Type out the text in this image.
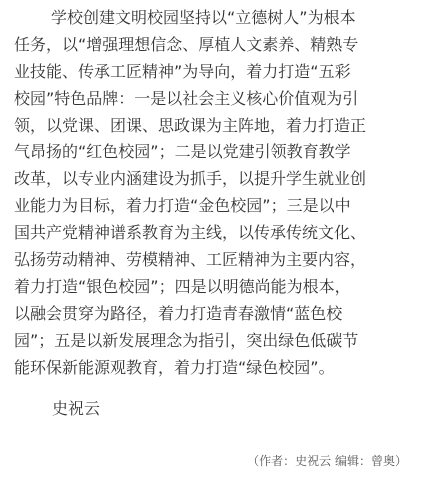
学校创建文明校园坚持以“立德树人”为根本
任务，以“增强理想信念、厚植人文素养、精熟专
业技能、传承工匠精神”为导向，着力打造“五彩
校园”特色品牌：一是以社会主义核心价值观为引
领，以党课、团课、思政课为主阵地，着力打造正
气昂扬的“红色校园”；二是以党建引领教育教学
改革，以专业内涵建设为抓手，以提升学生就业创
业能力为目标，着力打造“金色校园”；三是以中
国共产党精神谱系教育为主线，以传承传统文化、
弘扬劳动精神、劳模精神、工匠精神为主要内容，
着力打造“银色校园”；四是以明德尚能为根本，
以融会贯穿为路径，着力打造青春激情“蓝色校
园”；五是以新发展理念为指引，突出绿色低碳节
能环保新能源观教育，着力打造“绿色校园”。
史祝云
（作者：史祝云 编辑：曾奥）
